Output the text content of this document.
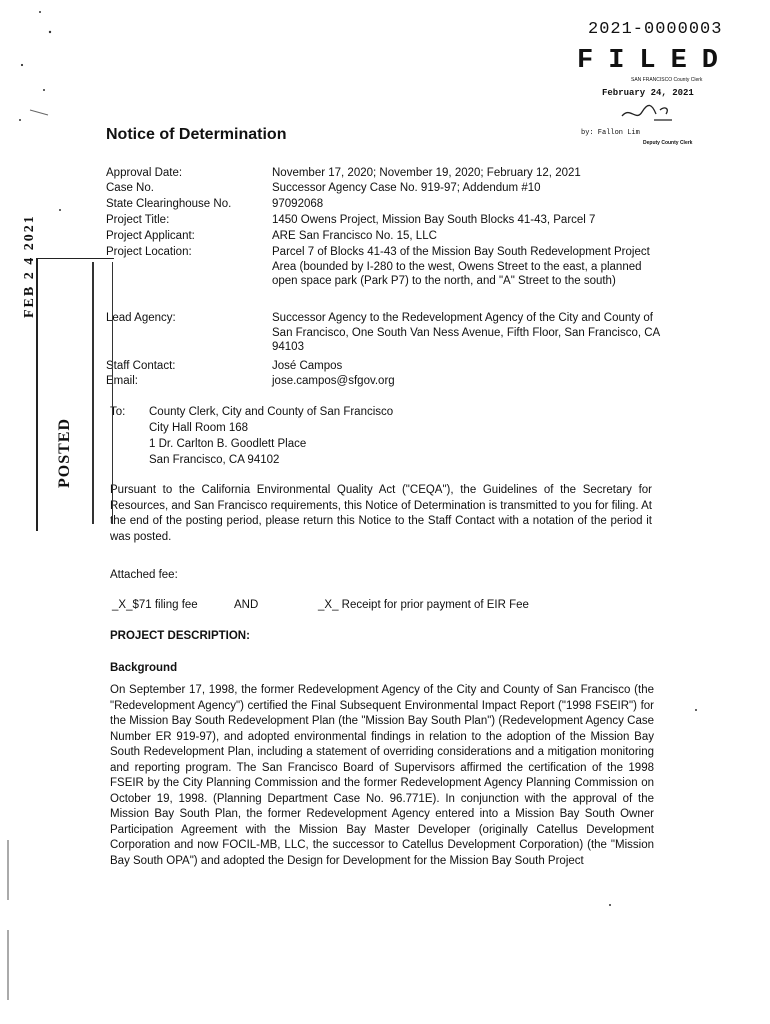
2021-0000003
FILED
SAN FRANCISCO County Clerk
February 24, 2021
by: Fallon Lim
Deputy County Clerk
Notice of Determination
Approval Date:
Case No.
State Clearinghouse No.
Project Title:
Project Applicant:
Project Location:
Lead Agency:
Staff Contact:
Email:
November 17, 2020; November 19, 2020; February 12, 2021
Successor Agency Case No. 919-97; Addendum #10
97092068
1450 Owens Project, Mission Bay South Blocks 41-43, Parcel 7
ARE San Francisco No. 15, LLC
Parcel 7 of Blocks 41-43 of the Mission Bay South Redevelopment Project Area (bounded by I-280 to the west, Owens Street to the east, a planned open space park (Park P7) to the north, and "A" Street to the south)
Successor Agency to the Redevelopment Agency of the City and County of San Francisco, One South Van Ness Avenue, Fifth Floor, San Francisco, CA 94103
José Campos
jose.campos@sfgov.org
To: County Clerk, City and County of San Francisco
City Hall Room 168
1 Dr. Carlton B. Goodlett Place
San Francisco, CA 94102
Pursuant to the California Environmental Quality Act ("CEQA"), the Guidelines of the Secretary for Resources, and San Francisco requirements, this Notice of Determination is transmitted to you for filing. At the end of the posting period, please return this Notice to the Staff Contact with a notation of the period it was posted.
Attached fee:
_X_$71 filing fee	AND	_X_ Receipt for prior payment of EIR Fee
PROJECT DESCRIPTION:
Background
On September 17, 1998, the former Redevelopment Agency of the City and County of San Francisco (the "Redevelopment Agency") certified the Final Subsequent Environmental Impact Report ("1998 FSEIR") for the Mission Bay South Redevelopment Plan (the "Mission Bay South Plan") (Redevelopment Agency Case Number ER 919-97), and adopted environmental findings in relation to the adoption of the Mission Bay South Redevelopment Plan, including a statement of overriding considerations and a mitigation monitoring and reporting program. The San Francisco Board of Supervisors affirmed the certification of the 1998 FSEIR by the City Planning Commission and the former Redevelopment Agency Planning Commission on October 19, 1998. (Planning Department Case No. 96.771E). In conjunction with the approval of the Mission Bay South Plan, the former Redevelopment Agency entered into a Mission Bay South Owner Participation Agreement with the Mission Bay Master Developer (originally Catellus Development Corporation and now FOCIL-MB, LLC, the successor to Catellus Development Corporation) (the "Mission Bay South OPA") and adopted the Design for Development for the Mission Bay South Project
FEB 2 4 2021
POSTED
